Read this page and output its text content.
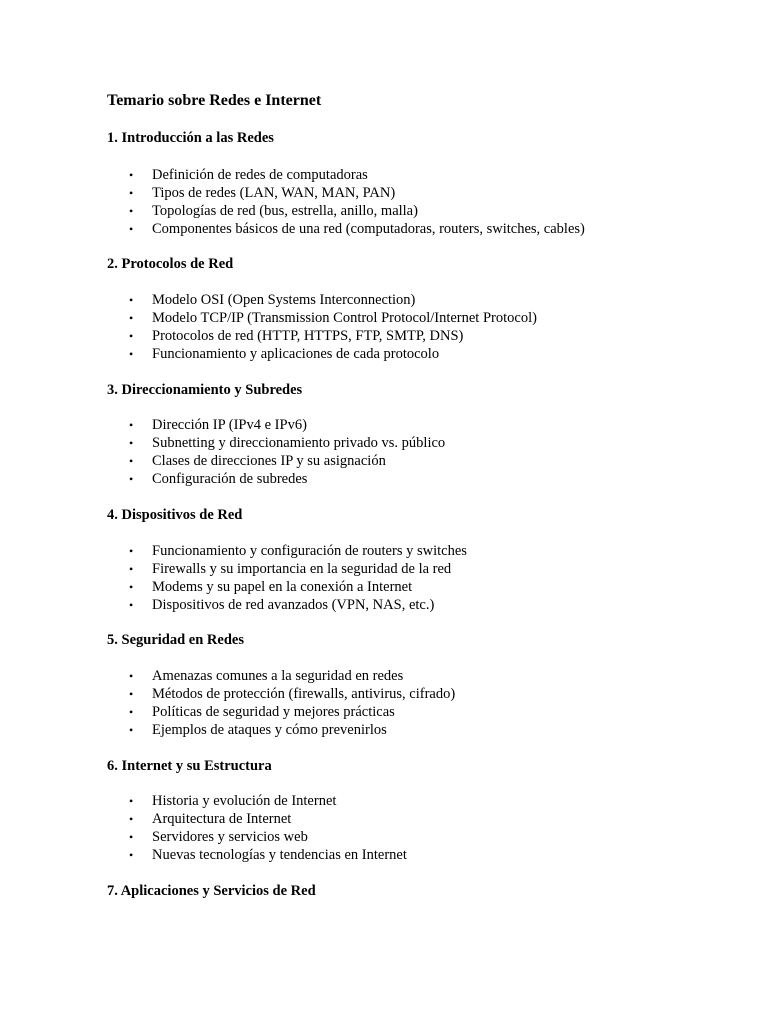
Temario sobre Redes e Internet
1. Introducción a las Redes
• Definición de redes de computadoras
• Tipos de redes (LAN, WAN, MAN, PAN)
• Topologías de red (bus, estrella, anillo, malla)
• Componentes básicos de una red (computadoras, routers, switches, cables)
2. Protocolos de Red
• Modelo OSI (Open Systems Interconnection)
• Modelo TCP/IP (Transmission Control Protocol/Internet Protocol)
• Protocolos de red (HTTP, HTTPS, FTP, SMTP, DNS)
• Funcionamiento y aplicaciones de cada protocolo
3. Direccionamiento y Subredes
• Dirección IP (IPv4 e IPv6)
• Subnetting y direccionamiento privado vs. público
• Clases de direcciones IP y su asignación
• Configuración de subredes
4. Dispositivos de Red
• Funcionamiento y configuración de routers y switches
• Firewalls y su importancia en la seguridad de la red
• Modems y su papel en la conexión a Internet
• Dispositivos de red avanzados (VPN, NAS, etc.)
5. Seguridad en Redes
• Amenazas comunes a la seguridad en redes
• Métodos de protección (firewalls, antivirus, cifrado)
• Políticas de seguridad y mejores prácticas
• Ejemplos de ataques y cómo prevenirlos
6. Internet y su Estructura
• Historia y evolución de Internet
• Arquitectura de Internet
• Servidores y servicios web
• Nuevas tecnologías y tendencias en Internet
7. Aplicaciones y Servicios de Red
